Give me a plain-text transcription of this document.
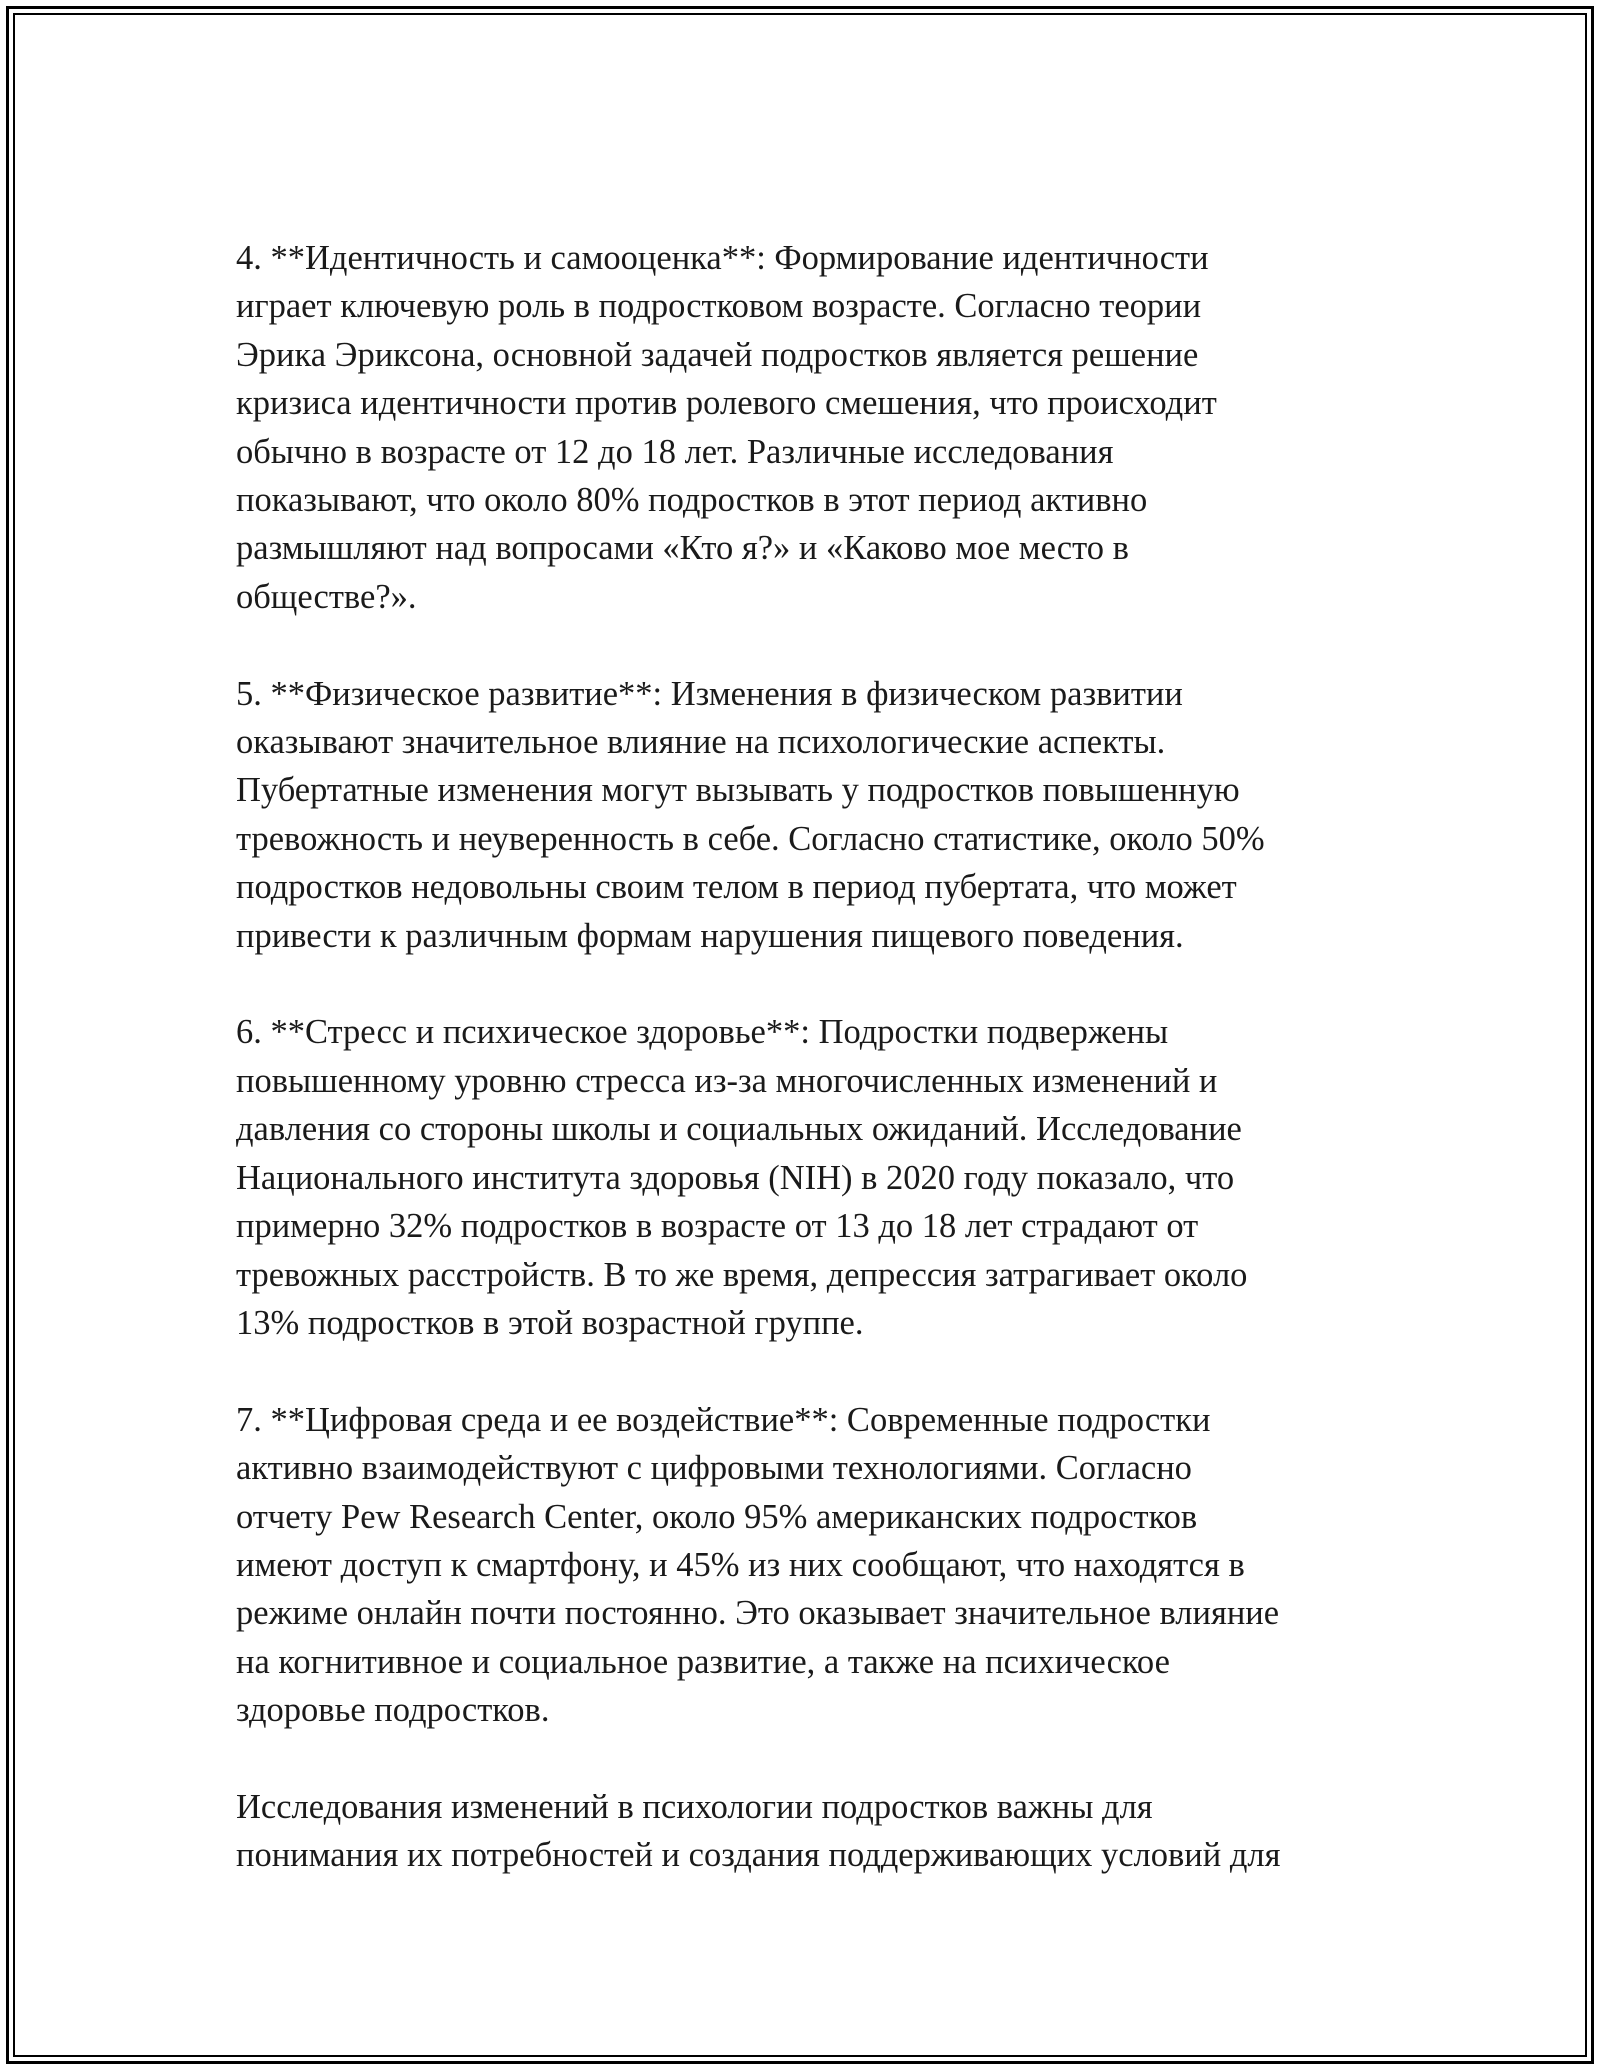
4. **Идентичность и самооценка**: Формирование идентичности
играет ключевую роль в подростковом возрасте. Согласно теории
Эрика Эриксона, основной задачей подростков является решение
кризиса идентичности против ролевого смешения, что происходит
обычно в возрасте от 12 до 18 лет. Различные исследования
показывают, что около 80% подростков в этот период активно
размышляют над вопросами «Кто я?» и «Каково мое место в
обществе?».

5. **Физическое развитие**: Изменения в физическом развитии
оказывают значительное влияние на психологические аспекты.
Пубертатные изменения могут вызывать у подростков повышенную
тревожность и неуверенность в себе. Согласно статистике, около 50%
подростков недовольны своим телом в период пубертата, что может
привести к различным формам нарушения пищевого поведения.

6. **Стресс и психическое здоровье**: Подростки подвержены
повышенному уровню стресса из-за многочисленных изменений и
давления со стороны школы и социальных ожиданий. Исследование
Национального института здоровья (NIH) в 2020 году показало, что
примерно 32% подростков в возрасте от 13 до 18 лет страдают от
тревожных расстройств. В то же время, депрессия затрагивает около
13% подростков в этой возрастной группе.

7. **Цифровая среда и ее воздействие**: Современные подростки
активно взаимодействуют с цифровыми технологиями. Согласно
отчету Pew Research Center, около 95% американских подростков
имеют доступ к смартфону, и 45% из них сообщают, что находятся в
режиме онлайн почти постоянно. Это оказывает значительное влияние
на когнитивное и социальное развитие, а также на психическое
здоровье подростков.

Исследования изменений в психологии подростков важны для
понимания их потребностей и создания поддерживающих условий для
